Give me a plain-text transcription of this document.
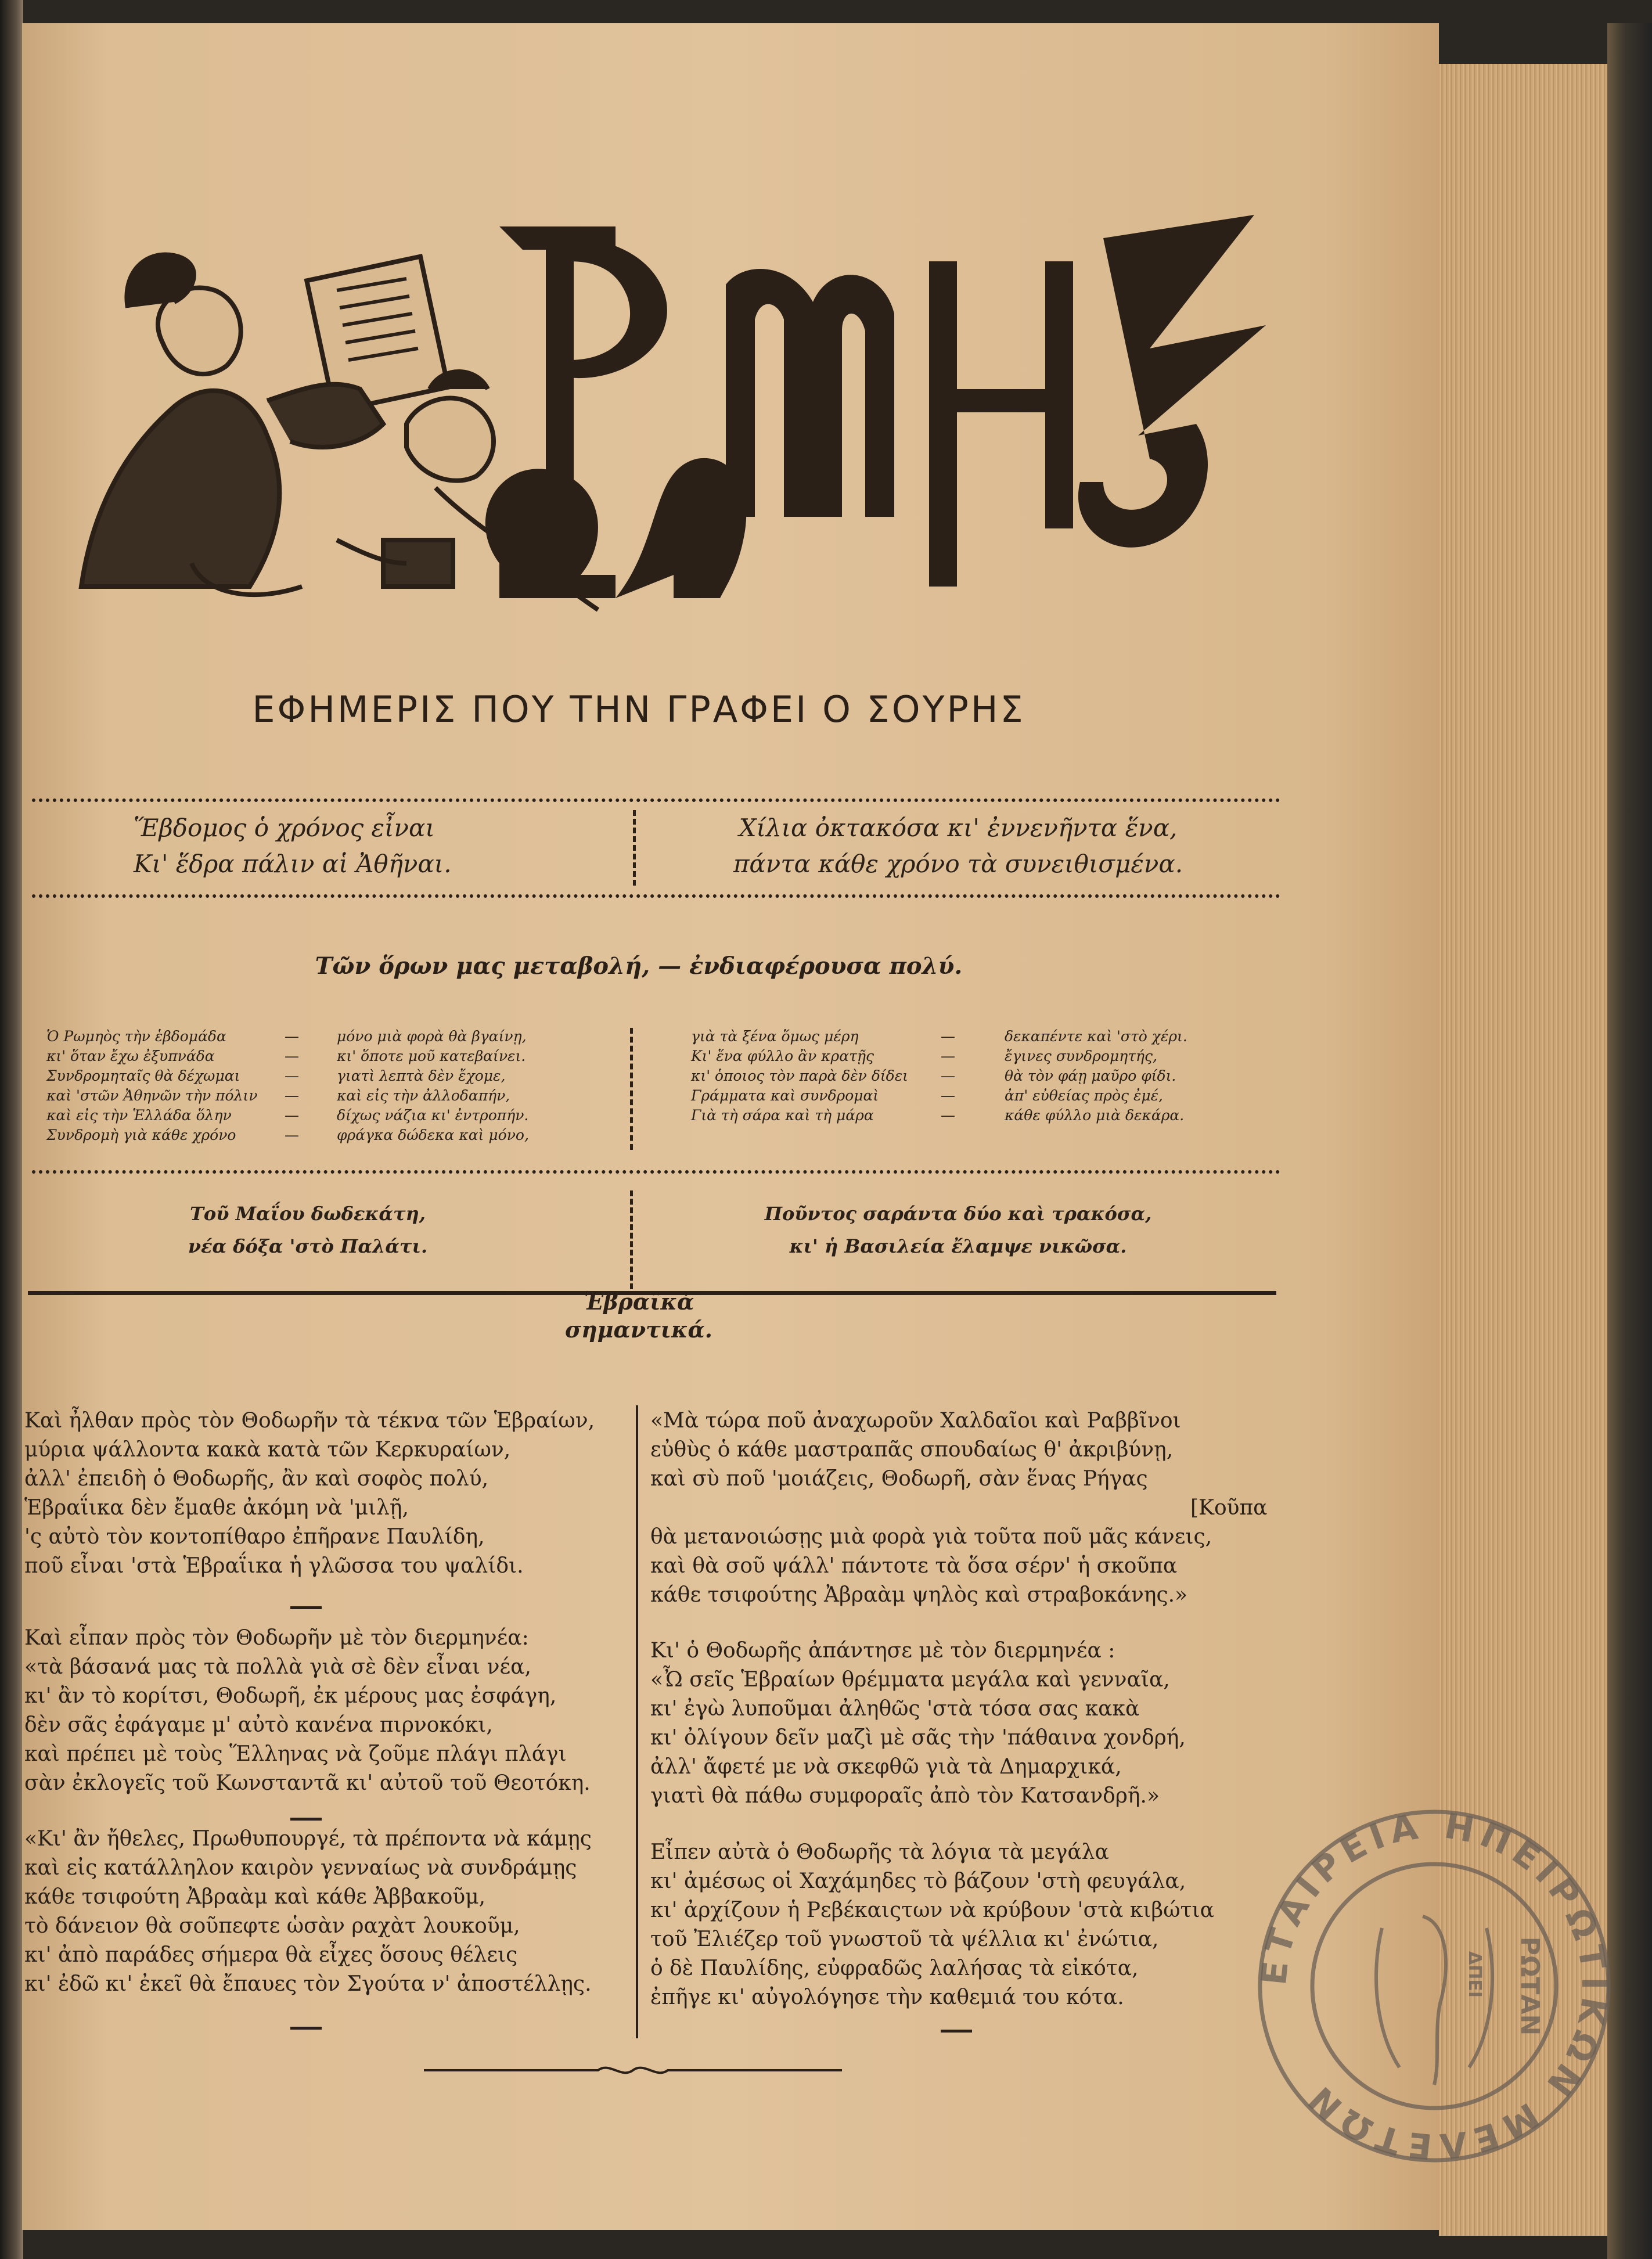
ΕΦΗΜΕΡΙΣ ΠΟΥ ΤΗΝ ΓΡΑΦΕΙ Ο ΣΟΥΡΗΣ
Ἕβδομος ὁ χρόνος εἶναι
Κι' ἕδρα πάλιν αἱ Ἀθῆναι.
Χίλια ὀκτακόσα κι' ἐννενῆντα ἕνα,
πάντα κάθε χρόνο τὰ συνειθισμένα.
Τῶν ὅρων μας μεταβολή, — ἐνδιαφέρουσα πολύ.
Ὁ Ρωμηὸς τὴν ἑβδομάδα
κι' ὅταν ἔχω ἐξυπνάδα
Συνδρομηταῖς θὰ δέχωμαι
καὶ 'στῶν Ἀθηνῶν τὴν πόλιν
καὶ εἰς τὴν Ἑλλάδα ὅλην
Συνδρομὴ γιὰ κάθε χρόνο
—
—
—
—
—
—
μόνο μιὰ φορὰ θὰ βγαίνῃ,
κι' ὅποτε μοῦ κατεβαίνει.
γιατὶ λεπτὰ δὲν ἔχομε,
καὶ εἰς τὴν ἀλλοδαπήν,
δίχως νάζια κι' ἐντροπήν.
φράγκα δώδεκα καὶ μόνο,
γιὰ τὰ ξένα ὅμως μέρη
Κι' ἕνα φύλλο ἂν κρατῇς
κι' ὁποιος τὸν παρὰ δὲν δίδει
Γράμματα καὶ συνδρομαὶ
Γιὰ τὴ σάρα καὶ τὴ μάρα
—
—
—
—
—
δεκαπέντε καὶ 'στὸ χέρι.
ἔγινες συνδρομητής,
θὰ τὸν φάῃ μαῦρο φίδι.
ἀπ' εὐθείας πρὸς ἐμέ,
κάθε φύλλο μιὰ δεκάρα.
Τοῦ Μαΐου δωδεκάτη,
νέα δόξα 'στὸ Παλάτι.
Ποῦντος σαράντα δύο καὶ τρακόσα,
κι' ἡ Βασιλεία ἔλαμψε νικῶσα.
Ἑβραϊκὰ
σημαντικά.
Καὶ ἦλθαν πρὸς τὸν Θοδωρῆν τὰ τέκνα τῶν Ἑβραίων,
μύρια ψάλλοντα κακὰ κατὰ τῶν Κερκυραίων,
ἀλλ' ἐπειδὴ ὁ Θοδωρῆς, ἂν καὶ σοφὸς πολύ,
Ἑβραΐικα δὲν ἔμαθε ἀκόμη νὰ 'μιλῇ,
'ς αὐτὸ τὸν κοντοπίθαρο ἐπῆρανε Παυλίδη,
ποῦ εἶναι 'στὰ Ἑβραΐικα ἡ γλῶσσα του ψαλίδι.
Καὶ εἶπαν πρὸς τὸν Θοδωρῆν μὲ τὸν διερμηνέα:
«τὰ βάσανά μας τὰ πολλὰ γιὰ σὲ δὲν εἶναι νέα,
κι' ἂν τὸ κορίτσι, Θοδωρῆ, ἐκ μέρους μας ἐσφάγη,
δὲν σᾶς ἐφάγαμε μ' αὐτὸ κανένα πιρνοκόκι,
καὶ πρέπει μὲ τοὺς Ἕλληνας νὰ ζοῦμε πλάγι πλάγι
σὰν ἐκλογεῖς τοῦ Κωνσταντᾶ κι' αὐτοῦ τοῦ Θεοτόκη.
«Κι' ἂν ἤθελες, Πρωθυπουργέ, τὰ πρέποντα νὰ κάμῃς
καὶ εἰς κατάλληλον καιρὸν γενναίως νὰ συνδράμῃς
κάθε τσιφούτη Ἀβραὰμ καὶ κάθε Ἀββακοῦμ,
τὸ δάνειον θὰ σοῦπεφτε ὡσὰν ραχὰτ λουκοῦμ,
κι' ἀπὸ παράδες σήμερα θὰ εἶχες ὅσους θέλεις
κι' ἐδῶ κι' ἐκεῖ θὰ ἔπαυες τὸν Σγούτα ν' ἀποστέλλῃς.
«Μὰ τώρα ποῦ ἀναχωροῦν Χαλδαῖοι καὶ Ραββῖνοι
εὐθὺς ὁ κάθε μαστραπᾶς σπουδαίως θ' ἀκριβύνῃ,
καὶ σὺ ποῦ 'μοιάζεις, Θοδωρῆ, σὰν ἕνας Ρήγας
[Κοῦπα
θὰ μετανοιώσῃς μιὰ φορὰ γιὰ τοῦτα ποῦ μᾶς κάνεις,
καὶ θὰ σοῦ ψάλλ' πάντοτε τὰ ὅσα σέρν' ἡ σκοῦπα
κάθε τσιφούτης Ἀβραὰμ ψηλὸς καὶ στραβοκάνης.»
Κι' ὁ Θοδωρῆς ἀπάντησε μὲ τὸν διερμηνέα :
«Ὦ σεῖς Ἑβραίων θρέμματα μεγάλα καὶ γενναῖα,
κι' ἐγὼ λυποῦμαι ἀληθῶς 'στὰ τόσα σας κακὰ
κι' ὀλίγουν δεῖν μαζὶ μὲ σᾶς τὴν 'πάθαινα χονδρή,
ἀλλ' ἄφετέ με νὰ σκεφθῶ γιὰ τὰ Δημαρχικά,
γιατὶ θὰ πάθω συμφοραῖς ἀπὸ τὸν Κατσανδρῆ.»
Εἶπεν αὐτὰ ὁ Θοδωρῆς τὰ λόγια τὰ μεγάλα
κι' ἀμέσως οἱ Χαχάμηδες τὸ βάζουν 'στὴ φευγάλα,
κι' ἀρχίζουν ἡ Ρεβέκαιςτων νὰ κρύβουν 'στὰ κιβώτια
τοῦ Ἐλιέζερ τοῦ γνωστοῦ τὰ ψέλλια κι' ἐνώτια,
ὁ δὲ Παυλίδης, εὐφραδῶς λαλήσας τὰ εἰκότα,
ἐπῆγε κι' αὐγολόγησε τὴν καθεμιά του κότα.
ΕΤΑΙΡΕΙΑ ΗΠΕΙΡΩΤΙΚΩΝ ΜΕΛΕΤΩΝ
ΡΩΤΑΝ
ΔΠΕΙ
